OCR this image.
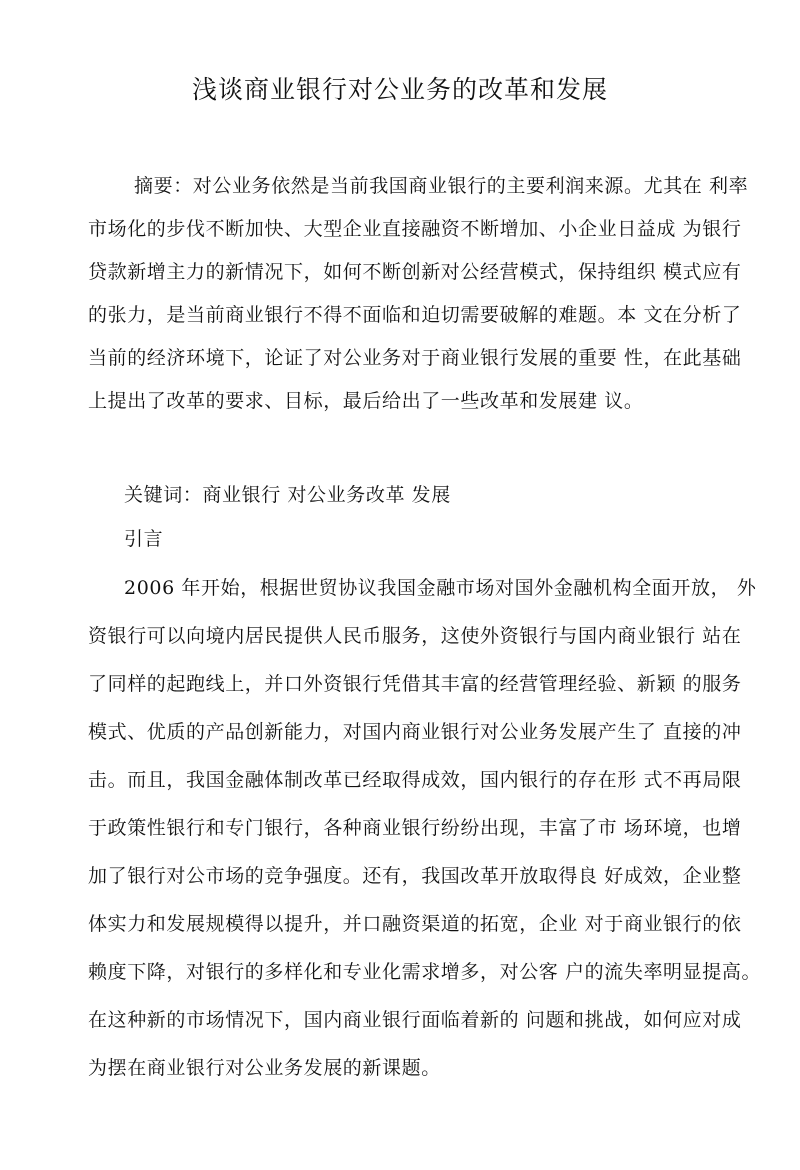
浅谈商业银行对公业务的改革和发展
摘要：对公业务依然是当前我国商业银行的主要利润来源。尤其在 利率
市场化的步伐不断加快、大型企业直接融资不断增加、小企业日益成 为银行
贷款新增主力的新情况下，如何不断创新对公经营模式，保持组织 模式应有
的张力，是当前商业银行不得不面临和迫切需要破解的难题。本 文在分析了
当前的经济环境下，论证了对公业务对于商业银行发展的重要 性，在此基础
上提出了改革的要求、目标，最后给出了一些改革和发展建 议。
关键词：商业银行 对公业务改革 发展
引言
2006 年开始，根据世贸协议我国金融市场对国外金融机构全面开放， 外
资银行可以向境内居民提供人民币服务，这使外资银行与国内商业银行 站在
了同样的起跑线上，并口外资银行凭借其丰富的经营管理经验、新颖 的服务
模式、优质的产品创新能力，对国内商业银行对公业务发展产生了 直接的冲
击。而且，我国金融体制改革已经取得成效，国内银行的存在形 式不再局限
于政策性银行和专门银行，各种商业银行纷纷出现，丰富了市 场环境，也增
加了银行对公市场的竞争强度。还有，我国改革开放取得良 好成效，企业整
体实力和发展规模得以提升，并口融资渠道的拓宽，企业 对于商业银行的依
赖度下降，对银行的多样化和专业化需求增多，对公客 户的流失率明显提高。
在这种新的市场情况下，国内商业银行面临着新的 问题和挑战，如何应对成
为摆在商业银行对公业务发展的新课题。
